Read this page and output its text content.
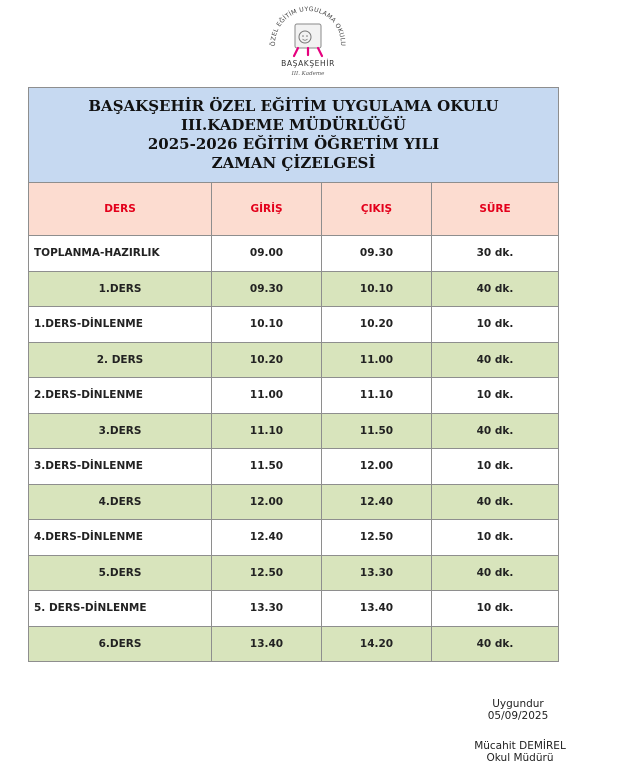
ÖZEL EĞİTİM UYGULAMA OKULU
BAŞAKŞEHİR
III. Kademe
BAŞAKŞEHİR ÖZEL EĞİTİM UYGULAMA OKULU
III.KADEME MÜDÜRLÜĞÜ
2025-2026 EĞİTİM ÖĞRETİM YILI
ZAMAN ÇİZELGESİ			

DERS	GİRİŞ	ÇIKIŞ	SÜRE
TOPLANMA-HAZIRLIK	09.00	09.30	30 dk.
1.DERS	09.30	10.10	40 dk.
1.DERS-DİNLENME	10.10	10.20	10 dk.
2. DERS	10.20	11.00	40 dk.
2.DERS-DİNLENME	11.00	11.10	10 dk.
3.DERS	11.10	11.50	40 dk.
3.DERS-DİNLENME	11.50	12.00	10 dk.
4.DERS	12.00	12.40	40 dk.
4.DERS-DİNLENME	12.40	12.50	10 dk.
5.DERS	12.50	13.30	40 dk.
5. DERS-DİNLENME	13.30	13.40	10 dk.
6.DERS	13.40	14.20	40 dk.
Uygundur
05/09/2025
Mücahit DEMİREL
Okul Müdürü
